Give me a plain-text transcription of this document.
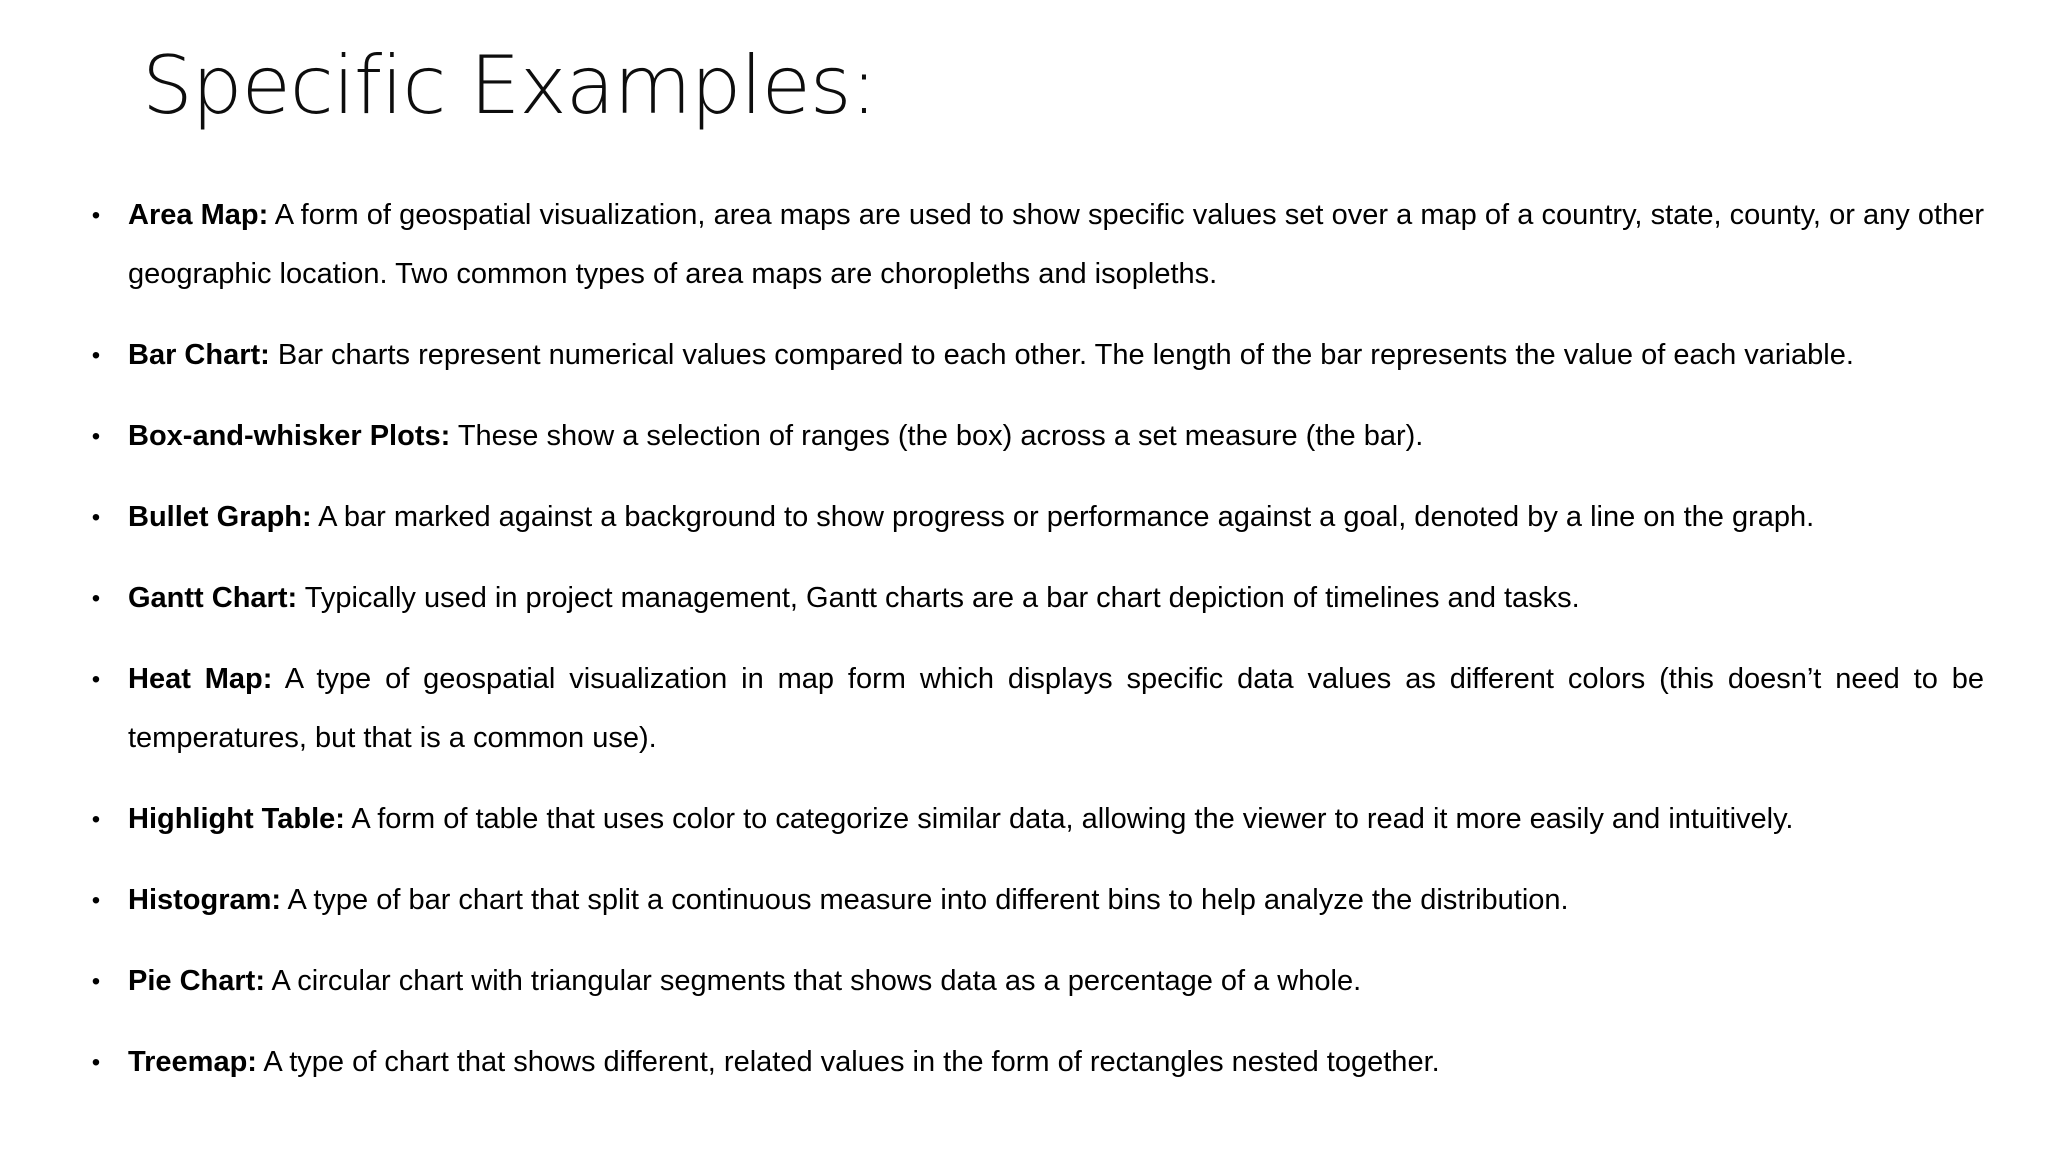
Specific Examples:
• Area Map: A form of geospatial visualization, area maps are used to show specific values set over a map of a country, state, county, or any other geographic location. Two common types of area maps are choropleths and isopleths.
• Bar Chart: Bar charts represent numerical values compared to each other. The length of the bar represents the value of each variable.
• Box-and-whisker Plots: These show a selection of ranges (the box) across a set measure (the bar).
• Bullet Graph: A bar marked against a background to show progress or performance against a goal, denoted by a line on the graph.
• Gantt Chart: Typically used in project management, Gantt charts are a bar chart depiction of timelines and tasks.
• Heat Map: A type of geospatial visualization in map form which displays specific data values as different colors (this doesn’t need to be temperatures, but that is a common use).
• Highlight Table: A form of table that uses color to categorize similar data, allowing the viewer to read it more easily and intuitively.
• Histogram: A type of bar chart that split a continuous measure into different bins to help analyze the distribution.
• Pie Chart: A circular chart with triangular segments that shows data as a percentage of a whole.
• Treemap: A type of chart that shows different, related values in the form of rectangles nested together.
